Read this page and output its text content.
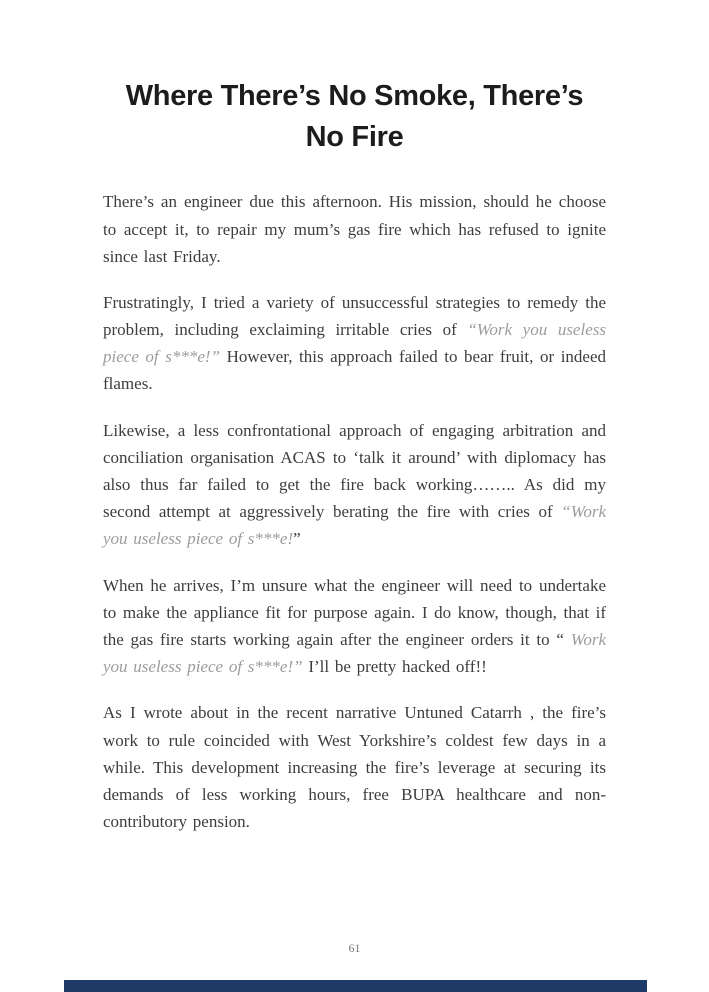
Where There’s No Smoke, There’s No Fire

There’s an engineer due this afternoon. His mission, should he choose to accept it, to repair my mum’s gas fire which has refused to ignite since last Friday.

Frustratingly, I tried a variety of unsuccessful strategies to remedy the problem, including exclaiming irritable cries of “Work you useless piece of s***e!” However, this approach failed to bear fruit, or indeed flames.

Likewise, a less confrontational approach of engaging arbitration and conciliation organisation ACAS to ‘talk it around’ with diplomacy has also thus far failed to get the fire back working…….. As did my second attempt at aggressively berating the fire with cries of “Work you useless piece of s***e!”

When he arrives, I’m unsure what the engineer will need to undertake to make the appliance fit for purpose again. I do know, though, that if the gas fire starts working again after the engineer orders it to “ Work you useless piece of s***e!” I’ll be pretty hacked off!!

As I wrote about in the recent narrative Untuned Catarrh , the fire’s work to rule coincided with West Yorkshire’s coldest few days in a while. This development increasing the fire’s leverage at securing its demands of less working hours, free BUPA healthcare and non-contributory pension.

61
